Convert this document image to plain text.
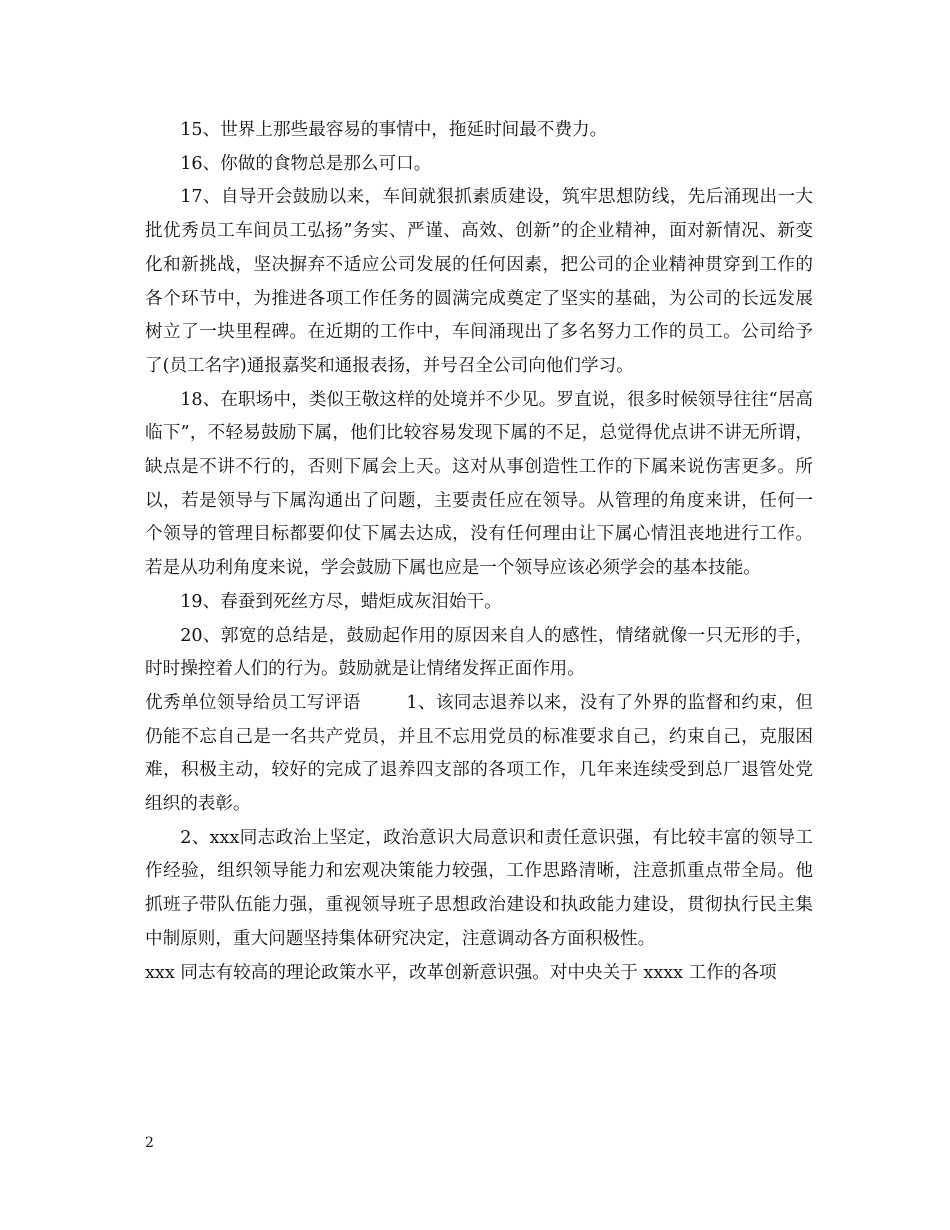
15、世界上那些最容易的事情中，拖延时间最不费力。

16、你做的食物总是那么可口。

17、自导开会鼓励以来，车间就狠抓素质建设，筑牢思想防线，先后涌现出一大批优秀员工车间员工弘扬”务实、严谨、高效、创新”的企业精神，面对新情况、新变化和新挑战，坚决摒弃不适应公司发展的任何因素，把公司的企业精神贯穿到工作的各个环节中，为推进各项工作任务的圆满完成奠定了坚实的基础，为公司的长远发展树立了一块里程碑。在近期的工作中，车间涌现出了多名努力工作的员工。公司给予了(员工名字)通报嘉奖和通报表扬，并号召全公司向他们学习。

18、在职场中，类似王敬这样的处境并不少见。罗直说，很多时候领导往往“居高临下”，不轻易鼓励下属，他们比较容易发现下属的不足，总觉得优点讲不讲无所谓，缺点是不讲不行的，否则下属会上天。这对从事创造性工作的下属来说伤害更多。所以，若是领导与下属沟通出了问题，主要责任应在领导。从管理的角度来讲，任何一个领导的管理目标都要仰仗下属去达成，没有任何理由让下属心情沮丧地进行工作。若是从功利角度来说，学会鼓励下属也应是一个领导应该必须学会的基本技能。

19、春蚕到死丝方尽，蜡炬成灰泪始干。

20、郭宽的总结是，鼓励起作用的原因来自人的感性，情绪就像一只无形的手，时时操控着人们的行为。鼓励就是让情绪发挥正面作用。

优秀单位领导给员工写评语	1、该同志退养以来，没有了外界的监督和约束，但仍能不忘自己是一名共产党员，并且不忘用党员的标准要求自己，约束自己，克服困难，积极主动，较好的完成了退养四支部的各项工作，几年来连续受到总厂退管处党组织的表彰。

2、xxx同志政治上坚定，政治意识大局意识和责任意识强，有比较丰富的领导工作经验，组织领导能力和宏观决策能力较强，工作思路清晰，注意抓重点带全局。他抓班子带队伍能力强，重视领导班子思想政治建设和执政能力建设，贯彻执行民主集中制原则，重大问题坚持集体研究决定，注意调动各方面积极性。

xxx 同志有较高的理论政策水平，改革创新意识强。对中央关于 xxxx 工作的各项

2
